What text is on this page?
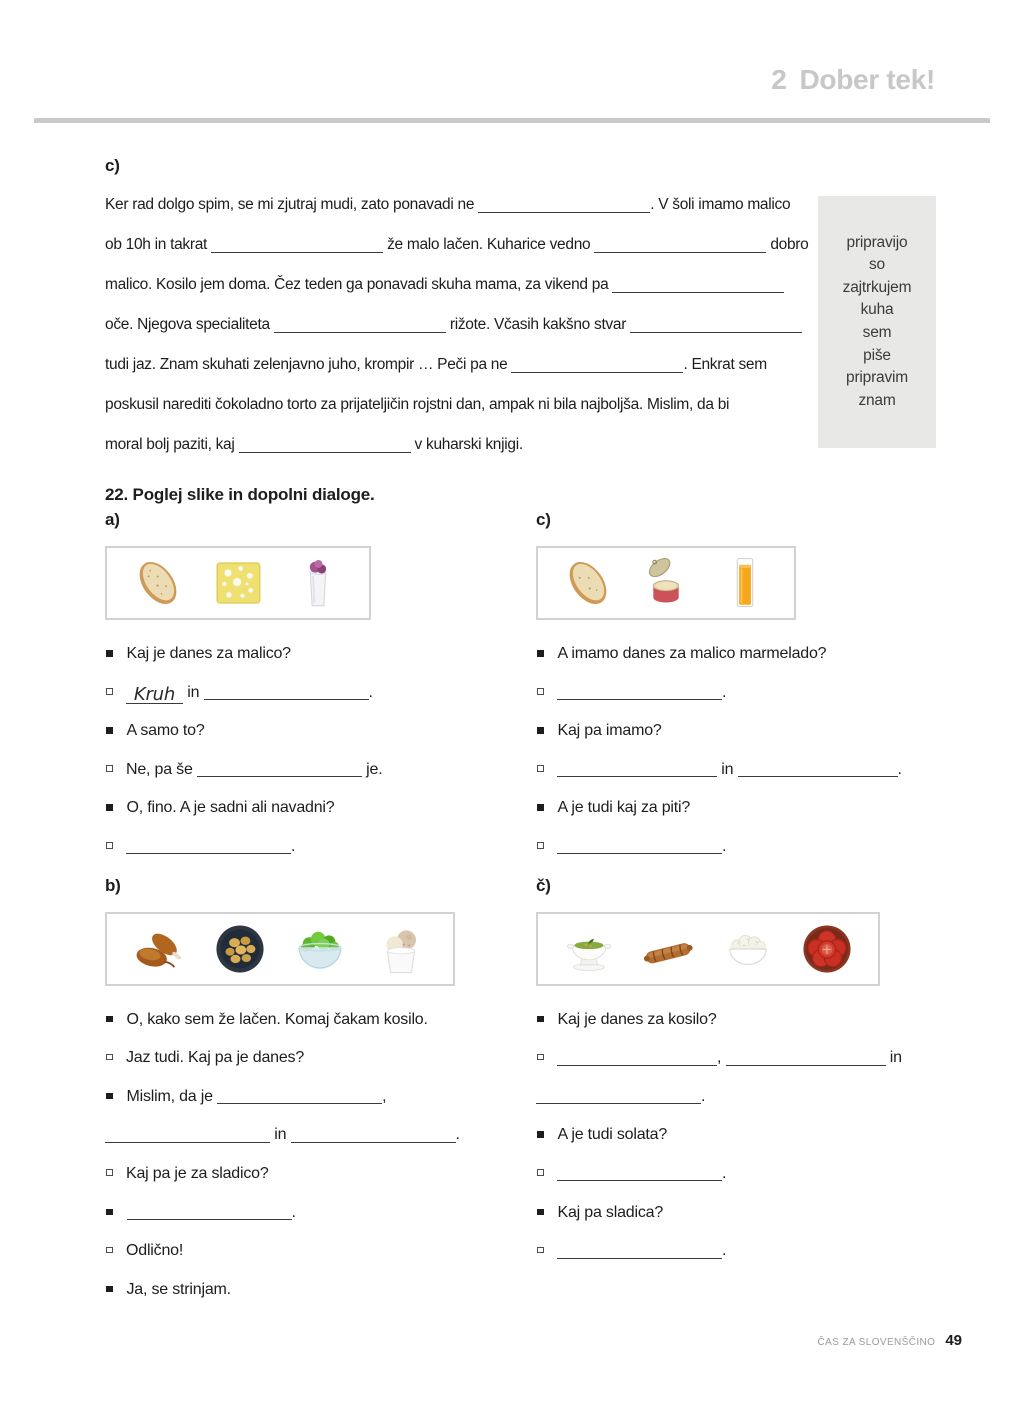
2 Dober tek!
c)
Ker rad dolgo spim, se mi zjutraj mudi, zato ponavadi ne	. V šoli imamo malico
ob 10h in takrat	že malo lačen. Kuharice vedno	dobro
malico. Kosilo jem doma. Čez teden ga ponavadi skuha mama, za vikend pa
oče. Njegova specialiteta	rižote. Včasih kakšno stvar
tudi jaz. Znam skuhati zelenjavno juho, krompir … Peči pa ne	. Enkrat sem
poskusil narediti čokoladno torto za prijateljičin rojstni dan, ampak ni bila najboljša. Mislim, da bi
moral bolj paziti, kaj	v kuharski knjigi.
pripravijo
so
zajtrkujem
kuha
sem
piše
pripravim
znam
22. Poglej slike in dopolni dialoge.
a)
Kaj je danes za malico?
Kruh in	.
A samo to?
Ne, pa še	je.
O, fino. A je sadni ali navadni?
.
c)
A imamo danes za malico marmelado?
.
Kaj pa imamo?
in	.
A je tudi kaj za piti?
.
b)
O, kako sem že lačen. Komaj čakam kosilo.
Jaz tudi. Kaj pa je danes?
Mislim, da je	,
in	.
Kaj pa je za sladico?
.
Odlično!
Ja, se strinjam.
č)
Kaj je danes za kosilo?
,	in
.
A je tudi solata?
.
Kaj pa sladica?
.
ČAS ZA SLOVENŠČINO 49
